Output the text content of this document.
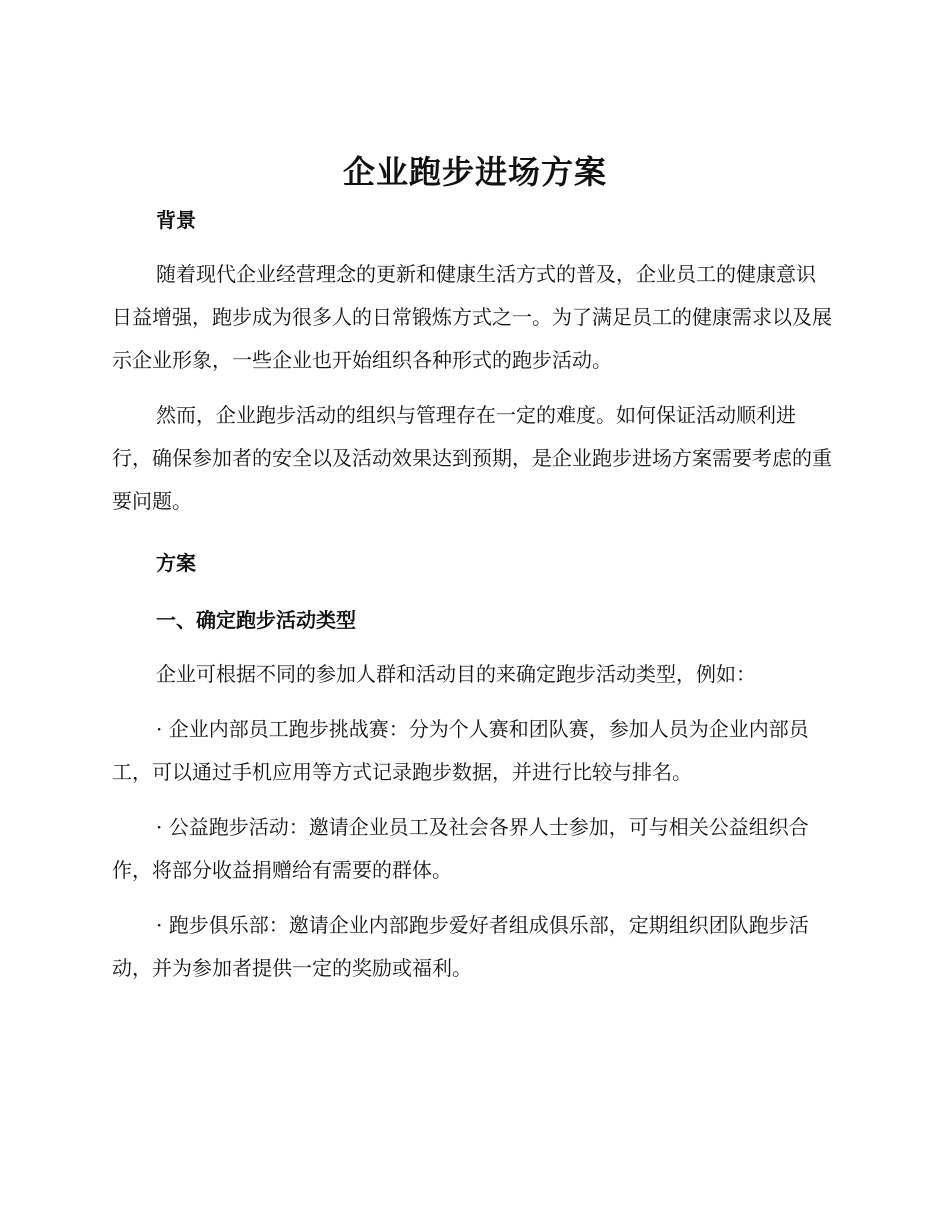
企业跑步进场方案

背景

随着现代企业经营理念的更新和健康生活方式的普及，企业员工的健康意识日益增强，跑步成为很多人的日常锻炼方式之一。为了满足员工的健康需求以及展示企业形象，一些企业也开始组织各种形式的跑步活动。

然而，企业跑步活动的组织与管理存在一定的难度。如何保证活动顺利进行，确保参加者的安全以及活动效果达到预期，是企业跑步进场方案需要考虑的重要问题。

方案

一、确定跑步活动类型

企业可根据不同的参加人群和活动目的来确定跑步活动类型，例如：

· 企业内部员工跑步挑战赛：分为个人赛和团队赛，参加人员为企业内部员工，可以通过手机应用等方式记录跑步数据，并进行比较与排名。

· 公益跑步活动：邀请企业员工及社会各界人士参加，可与相关公益组织合作，将部分收益捐赠给有需要的群体。

· 跑步俱乐部：邀请企业内部跑步爱好者组成俱乐部，定期组织团队跑步活动，并为参加者提供一定的奖励或福利。
